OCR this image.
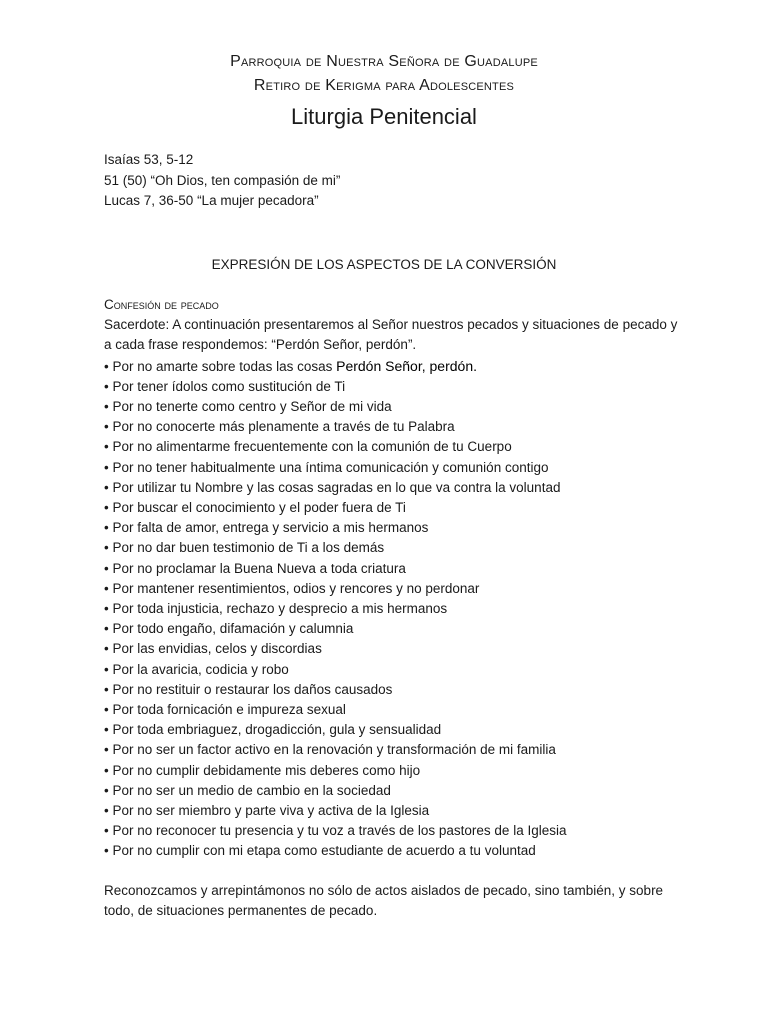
Parroquia de Nuestra Señora de Guadalupe
Retiro de Kerigma para Adolescentes
Liturgia Penitencial
Isaías 53, 5-12
51 (50) “Oh Dios, ten compasión de mi”
Lucas 7, 36-50 “La mujer pecadora”
EXPRESIÓN DE LOS ASPECTOS DE LA CONVERSIÓN
Confesión de pecado
Sacerdote: A continuación presentaremos al Señor nuestros pecados y situaciones de pecado y a cada frase respondemos: “Perdón Señor, perdón”.
• Por no amarte sobre todas las cosas Perdón Señor, perdón.
• Por tener ídolos como sustitución de Ti
• Por no tenerte como centro y Señor de mi vida
• Por no conocerte más plenamente a través de tu Palabra
• Por no alimentarme frecuentemente con la comunión de tu Cuerpo
• Por no tener habitualmente una íntima comunicación y comunión contigo
• Por utilizar tu Nombre y las cosas sagradas en lo que va contra la voluntad
• Por buscar el conocimiento y el poder fuera de Ti
• Por falta de amor, entrega y servicio a mis hermanos
• Por no dar buen testimonio de Ti a los demás
• Por no proclamar la Buena Nueva a toda criatura
• Por mantener resentimientos, odios y rencores y no perdonar
• Por toda injusticia, rechazo y desprecio a mis hermanos
• Por todo engaño, difamación y calumnia
• Por las envidias, celos y discordias
• Por la avaricia, codicia y robo
• Por no restituir o restaurar los daños causados
• Por toda fornicación e impureza sexual
• Por toda embriaguez, drogadicción, gula y sensualidad
• Por no ser un factor activo en la renovación y transformación de mi familia
• Por no cumplir debidamente mis deberes como hijo
• Por no ser un medio de cambio en la sociedad
• Por no ser miembro y parte viva y activa de la Iglesia
• Por no reconocer tu presencia y tu voz a través de los pastores de la Iglesia
• Por no cumplir con mi etapa como estudiante de acuerdo a tu voluntad
Reconozcamos y arrepintámonos no sólo de actos aislados de pecado, sino también, y sobre todo, de situaciones permanentes de pecado.
